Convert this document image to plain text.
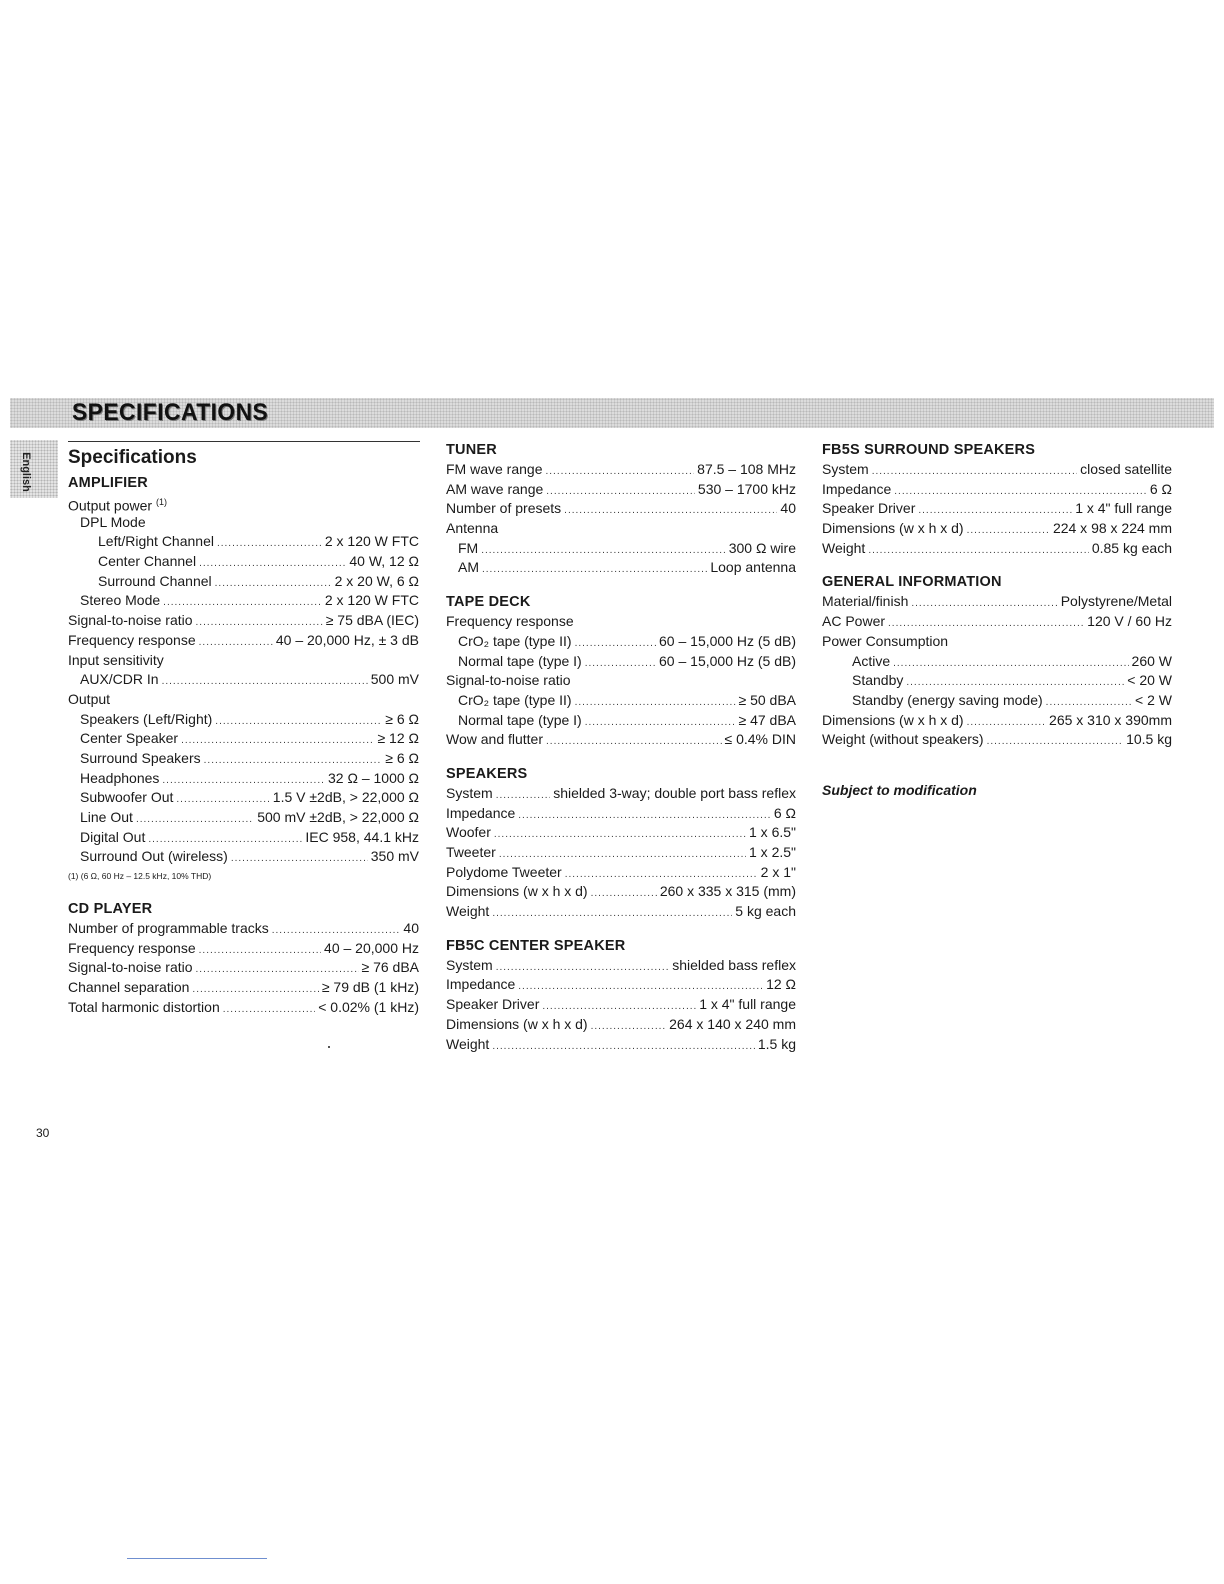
SPECIFICATIONS
English Specifications
AMPLIFIER
Output power $^{(1)}$
DPL Mode
Left/Right Channel .....	2 x 120 W FTC
Center Channel .....	40 W, 12 Ω
Surround Channel .....	2 x 20 W, 6 Ω
Stereo Mode .....	2 x 120 W FTC
Signal-to-noise ratio .....	≥ 75 dBA (IEC)
Frequency response .....	40 – 20,000 Hz, ± 3 dB
Input sensitivity
AUX/CDR In .....	500 mV
Output
Speakers (Left/Right) .....	≥ 6 Ω
Center Speaker .....	≥ 12 Ω
Surround Speakers .....	≥ 6 Ω
Headphones .....	32 Ω – 1000 Ω
Subwoofer Out .....	1.5 V ±2dB, > 22,000 Ω
Line Out .....	500 mV ±2dB, > 22,000 Ω
Digital Out .....	IEC 958, 44.1 kHz
Surround Out (wireless) .....	350 mV
(1) (6 Ω, 60 Hz – 12.5 kHz, 10% THD)
CD PLAYER
Number of programmable tracks .....	40
Frequency response .....	40 – 20,000 Hz
Signal-to-noise ratio .....	≥ 76 dBA
Channel separation .....	≥ 79 dB (1 kHz)
Total harmonic distortion .....	< 0.02% (1 kHz)
TUNER
FM wave range .....	87.5 – 108 MHz
AM wave range .....	530 – 1700 kHz
Number of presets .....	40
Antenna
FM .....	300 Ω wire
AM .....	Loop antenna
TAPE DECK
Frequency response
CrO₂ tape (type II) .....	60 – 15,000 Hz (5 dB)
Normal tape (type I) .....	60 – 15,000 Hz (5 dB)
Signal-to-noise ratio
CrO₂ tape (type II) .....	≥ 50 dBA
Normal tape (type I) .....	≥ 47 dBA
Wow and flutter .....	≤ 0.4% DIN
SPEAKERS
System .....	shielded 3-way; double port bass reflex
Impedance .....	6 Ω
Woofer .....	1 x 6.5"
Tweeter .....	1 x 2.5"
Polydome Tweeter .....	2 x 1"
Dimensions (w x h x d) .....	260 x 335 x 315 (mm)
Weight .....	5 kg each
FB5C CENTER SPEAKER
System .....	shielded bass reflex
Impedance .....	12 Ω
Speaker Driver .....	1 x 4" full range
Dimensions (w x h x d) .....	264 x 140 x 240 mm
Weight .....	1.5 kg
FB5S SURROUND SPEAKERS
System .....	closed satellite
Impedance .....	6 Ω
Speaker Driver .....	1 x 4" full range
Dimensions (w x h x d) .....	224 x 98 x 224 mm
Weight .....	0.85 kg each
GENERAL INFORMATION
Material/finish .....	Polystyrene/Metal
AC Power .....	120 V / 60 Hz
Power Consumption
Active .....	260 W
Standby .....	< 20 W
Standby (energy saving mode) .....	< 2 W
Dimensions (w x h x d) .....	265 x 310 x 390mm
Weight (without speakers) .....	10.5 kg
Subject to modification
30
